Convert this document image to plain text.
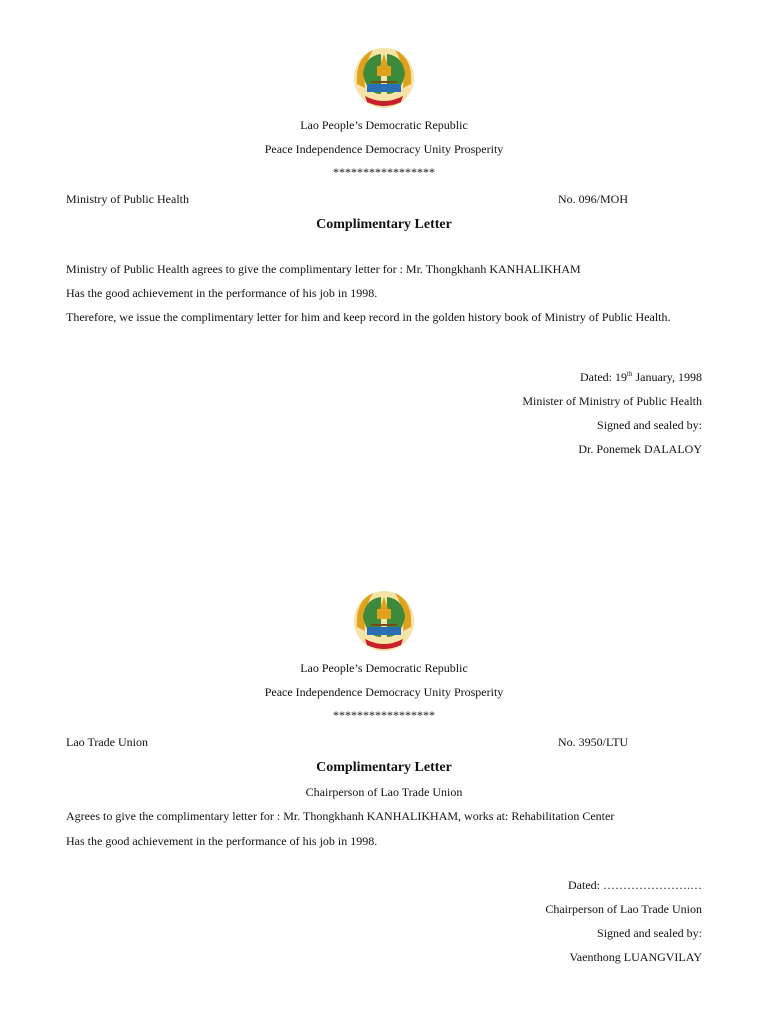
Lao People’s Democratic Republic
Peace Independence Democracy Unity Prosperity
*****************
Ministry of Public Health	No. 096/MOH
Complimentary Letter
Ministry of Public Health agrees to give the complimentary letter for : Mr. Thongkhanh KANHALIKHAM
Has the good achievement in the performance of his job in 1998.
Therefore, we issue the complimentary letter for him and keep record in the golden history book of Ministry of Public Health.
Dated: 19th January, 1998
Minister of Ministry of Public Health
Signed and sealed by:
Dr. Ponemek DALALOY
Lao People’s Democratic Republic
Peace Independence Democracy Unity Prosperity
*****************
Lao Trade Union	No. 3950/LTU
Complimentary Letter
Chairperson of Lao Trade Union
Agrees to give the complimentary letter for : Mr. Thongkhanh KANHALIKHAM, works at: Rehabilitation Center
Has the good achievement in the performance of his job in 1998.
Dated: ………………….…
Chairperson of Lao Trade Union
Signed and sealed by:
Vaenthong LUANGVILAY
